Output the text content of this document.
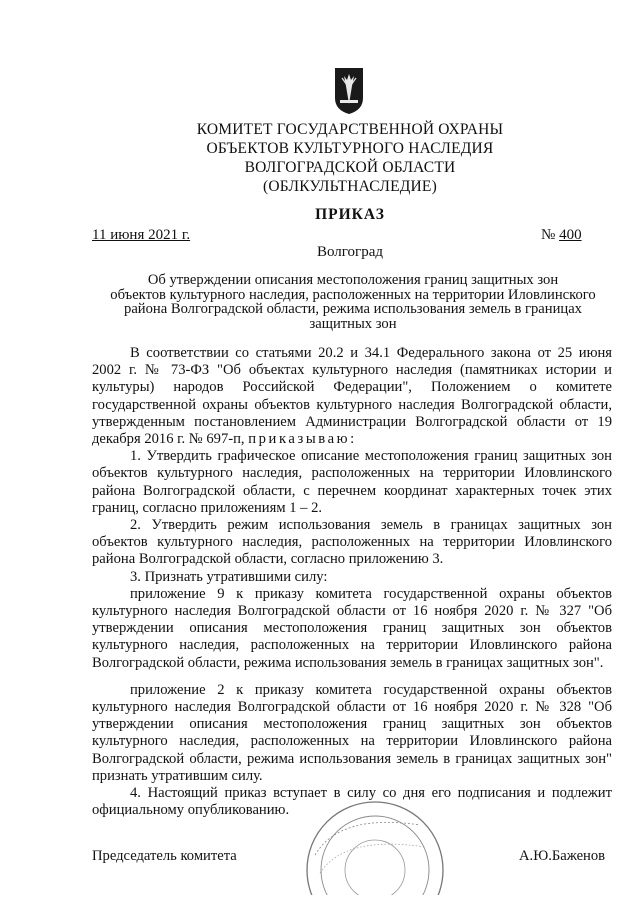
КОМИТЕТ ГОСУДАРСТВЕННОЙ ОХРАНЫ
ОБЪЕКТОВ КУЛЬТУРНОГО НАСЛЕДИЯ
ВОЛГОГРАДСКОЙ ОБЛАСТИ
(ОБЛКУЛЬТНАСЛЕДИЕ)
ПРИКАЗ
11 июня 2021 г.	№ 400
Волгоград
Об утверждении описания местоположения границ защитных зон
объектов культурного наследия, расположенных на территории Иловлинского
района Волгоградской области, режима использования земель в границах
защитных зон

В соответствии со статьями 20.2 и 34.1 Федерального закона от 25 июня 2002 г. № 73-ФЗ "Об объектах культурного наследия (памятниках истории и культуры) народов Российской Федерации", Положением о комитете государственной охраны объектов культурного наследия Волгоградской области, утвержденным постановлением Администрации Волгоградской области от 19 декабря 2016 г. № 697-п, приказываю:

1. Утвердить графическое описание местоположения границ защитных зон объектов культурного наследия, расположенных на территории Иловлинского района Волгоградской области, с перечнем координат характерных точек этих границ, согласно приложениям 1 – 2.

2. Утвердить режим использования земель в границах защитных зон объектов культурного наследия, расположенных на территории Иловлинского района Волгоградской области, согласно приложению 3.

3. Признать утратившими силу:

приложение 9 к приказу комитета государственной охраны объектов культурного наследия Волгоградской области от 16 ноября 2020 г. № 327 "Об утверждении описания местоположения границ защитных зон объектов культурного наследия, расположенных на территории Иловлинского района Волгоградской области, режима использования земель в границах защитных зон".

приложение 2 к приказу комитета государственной охраны объектов культурного наследия Волгоградской области от 16 ноября 2020 г. № 328 "Об утверждении описания местоположения границ защитных зон объектов культурного наследия, расположенных на территории Иловлинского района Волгоградской области, режима использования земель в границах защитных зон" признать утратившим силу.

4. Настоящий приказ вступает в силу со дня его подписания и подлежит официальному опубликованию.

Председатель комитета	А.Ю.Баженов
